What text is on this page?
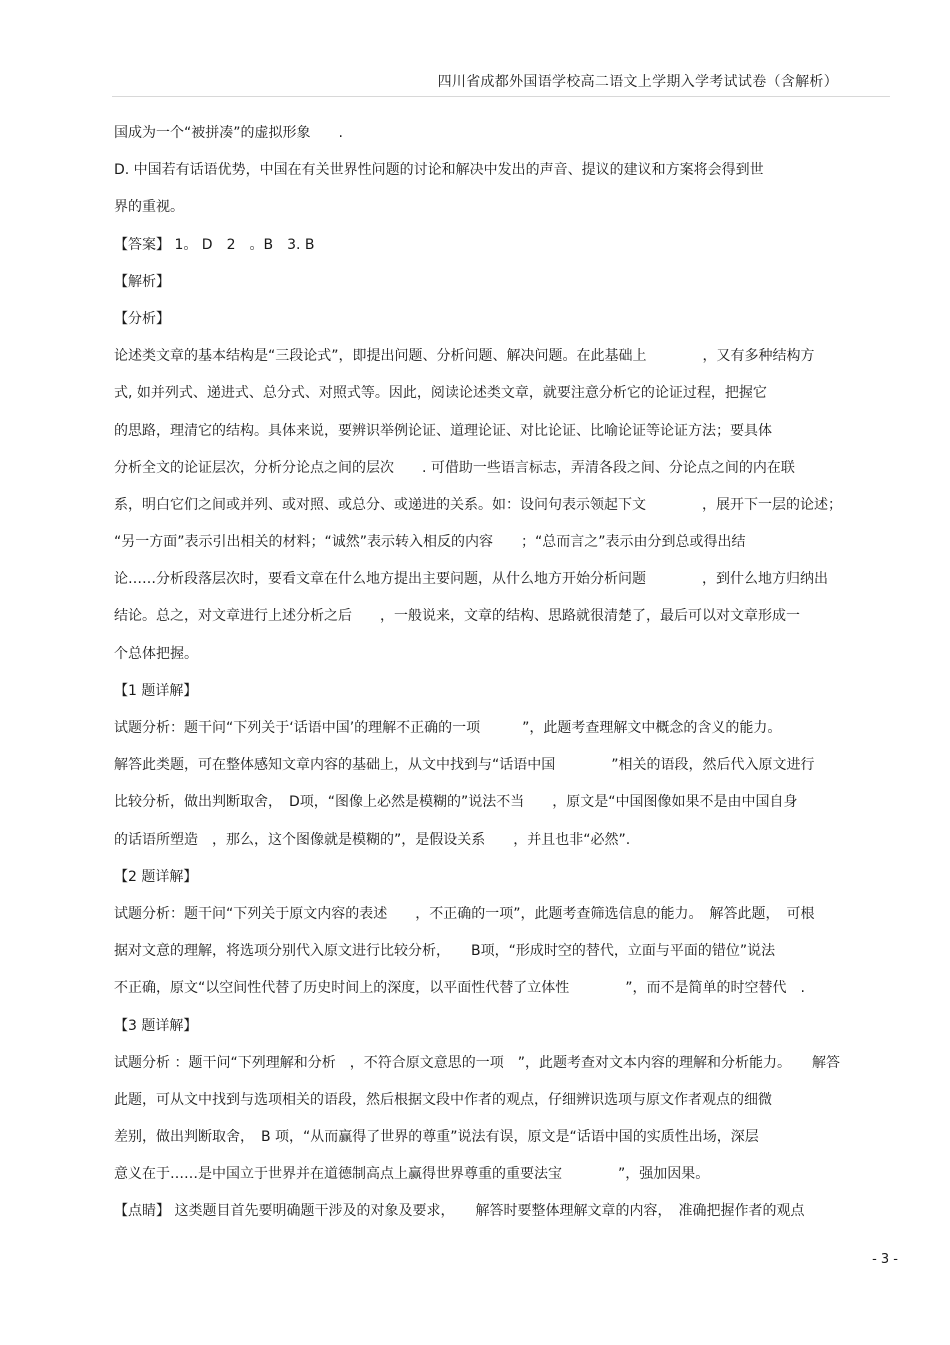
四川省成都外国语学校高二语文上学期入学考试试卷（含解析）
国成为一个“被拼凑”的虚拟形象　　.
D. 中国若有话语优势，中国在有关世界性问题的讨论和解决中发出的声音、提议的建议和方案将会得到世
界的重视。
【答案】 1。 D　2　。B　3. B
【解析】
【分析】
论述类文章的基本结构是“三段论式”，即提出问题、分析问题、解决问题。在此基础上　　　　，又有多种结构方
式, 如并列式、递进式、总分式、对照式等。因此，阅读论述类文章，就要注意分析它的论证过程，把握它
的思路，理清它的结构。具体来说，要辨识举例论证、道理论证、对比论证、比喻论证等论证方法；要具体
分析全文的论证层次，分析分论点之间的层次　　. 可借助一些语言标志，弄清各段之间、分论点之间的内在联
系，明白它们之间或并列、或对照、或总分、或递进的关系。如：设问句表示领起下文　　　　，展开下一层的论述；
“另一方面”表示引出相关的材料；“诚然”表示转入相反的内容　　；“总而言之”表示由分到总或得出结
论……分析段落层次时，要看文章在什么地方提出主要问题，从什么地方开始分析问题　　　　，到什么地方归纳出
结论。总之，对文章进行上述分析之后　　，一般说来，文章的结构、思路就很清楚了，最后可以对文章形成一
个总体把握。
【1 题详解】
试题分析：题干问“下列关于‘话语中国’的理解不正确的一项　　　”，此题考查理解文中概念的含义的能力。
解答此类题，可在整体感知文章内容的基础上，从文中找到与“话语中国　　　　”相关的语段，然后代入原文进行
比较分析，做出判断取舍，　D项，“图像上必然是模糊的”说法不当　　，原文是“中国图像如果不是由中国自身
的话语所塑造　，那么，这个图像就是模糊的”，是假设关系　　，并且也非“必然”.
【2 题详解】
试题分析：题干问“下列关于原文内容的表述　　，不正确的一项”，此题考查筛选信息的能力。　解答此题，　可根
据对文意的理解，将选项分别代入原文进行比较分析，　　B项，“形成时空的替代，立面与平面的错位”说法
不正确，原文“以空间性代替了历史时间上的深度，以平面性代替了立体性　　　　”，而不是简单的时空替代　.
【3 题详解】
试题分析 ：题干问“下列理解和分析　，不符合原文意思的一项　”，此题考查对文本内容的理解和分析能力。　　解答
此题，可从文中找到与选项相关的语段，然后根据文段中作者的观点，仔细辨识选项与原文作者观点的细微
差别，做出判断取舍，　B 项，“从而赢得了世界的尊重”说法有误，原文是“话语中国的实质性出场，深层
意义在于……是中国立于世界并在道德制高点上赢得世界尊重的重要法宝　　　　”，强加因果。
【点睛】 这类题目首先要明确题干涉及的对象及要求，　　解答时要整体理解文章的内容，　准确把握作者的观点
- 3 -
